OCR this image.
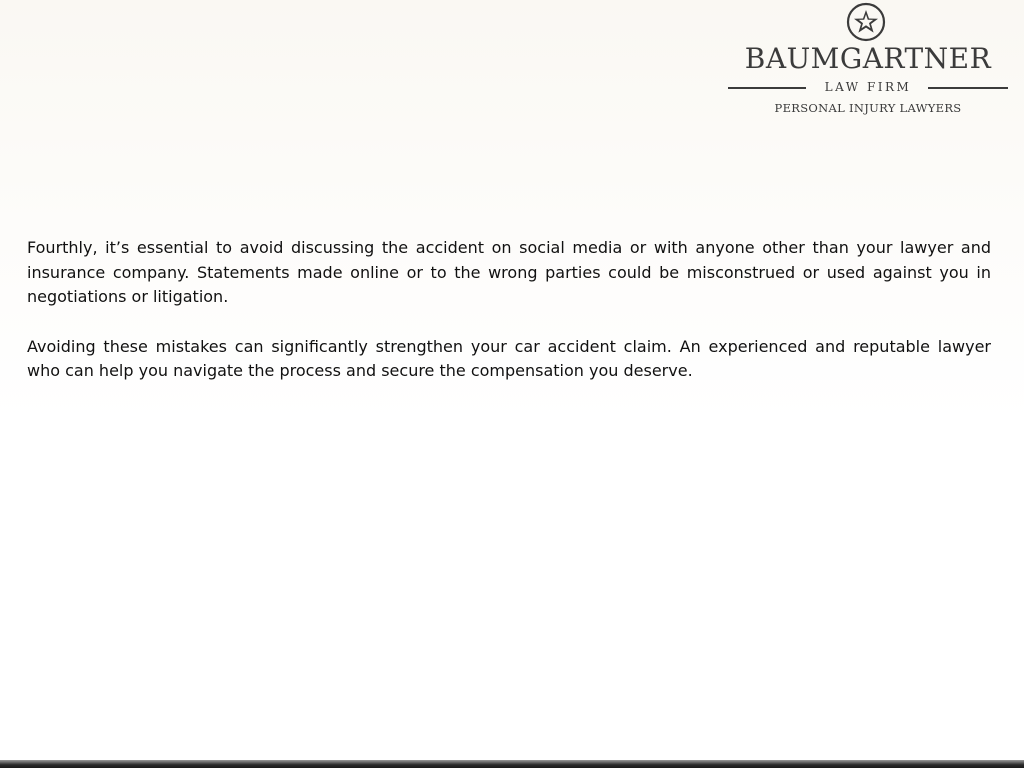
BAUMGARTNER
LAW FIRM
PERSONAL INJURY LAWYERS

Fourthly, it’s essential to avoid discussing the accident on social media or with anyone other than your lawyer and insurance company. Statements made online or to the wrong parties could be misconstrued or used against you in negotiations or litigation.

Avoiding these mistakes can significantly strengthen your car accident claim. An experienced and reputable lawyer who can help you navigate the process and secure the compensation you deserve.
